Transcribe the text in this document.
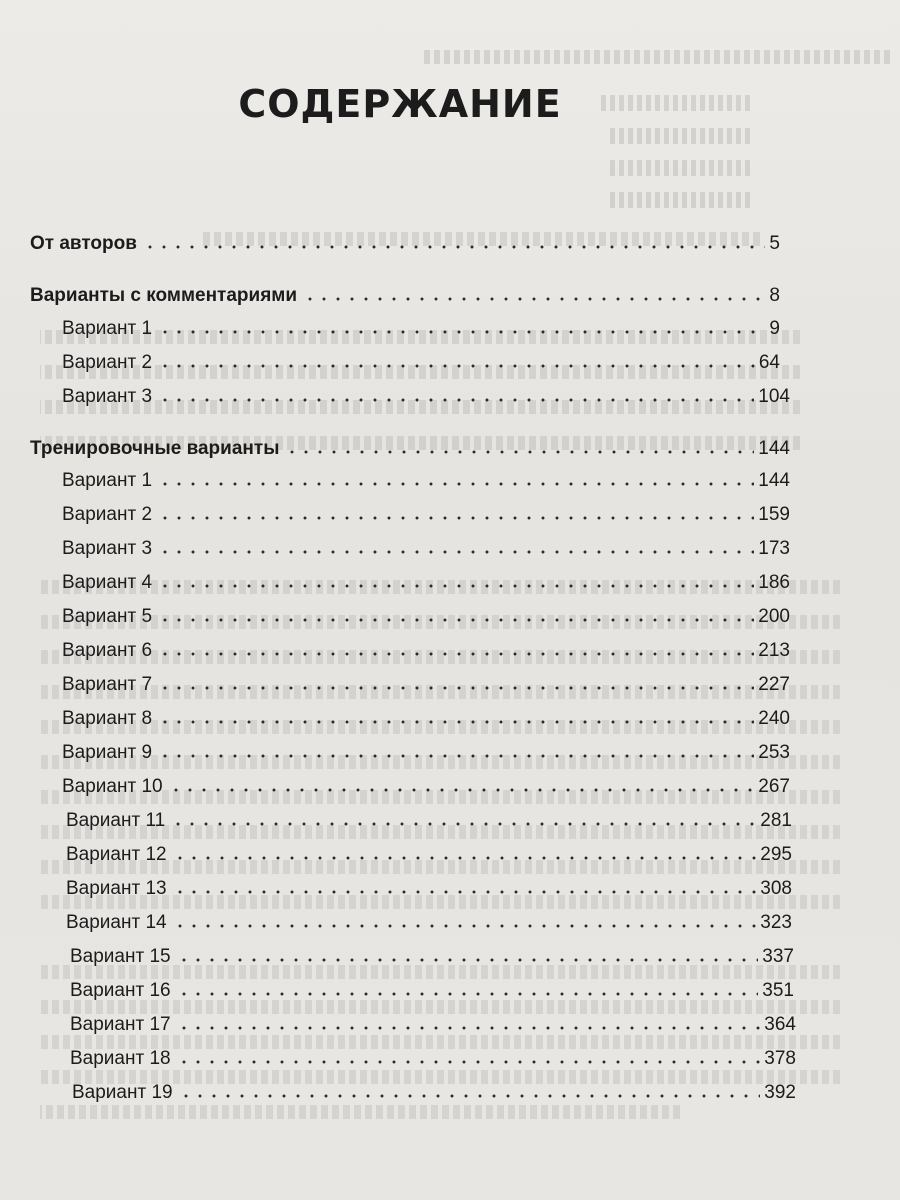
СОДЕРЖАНИЕ
От авторов	5
Варианты с комментариями	8
Вариант 1	9
Вариант 2	64
Вариант 3	104
Тренировочные варианты	144
Вариант 1	144
Вариант 2	159
Вариант 3	173
Вариант 4	186
Вариант 5	200
Вариант 6	213
Вариант 7	227
Вариант 8	240
Вариант 9	253
Вариант 10	267
Вариант 11	281
Вариант 12	295
Вариант 13	308
Вариант 14	323
Вариант 15	337
Вариант 16	351
Вариант 17	364
Вариант 18	378
Вариант 19	392
